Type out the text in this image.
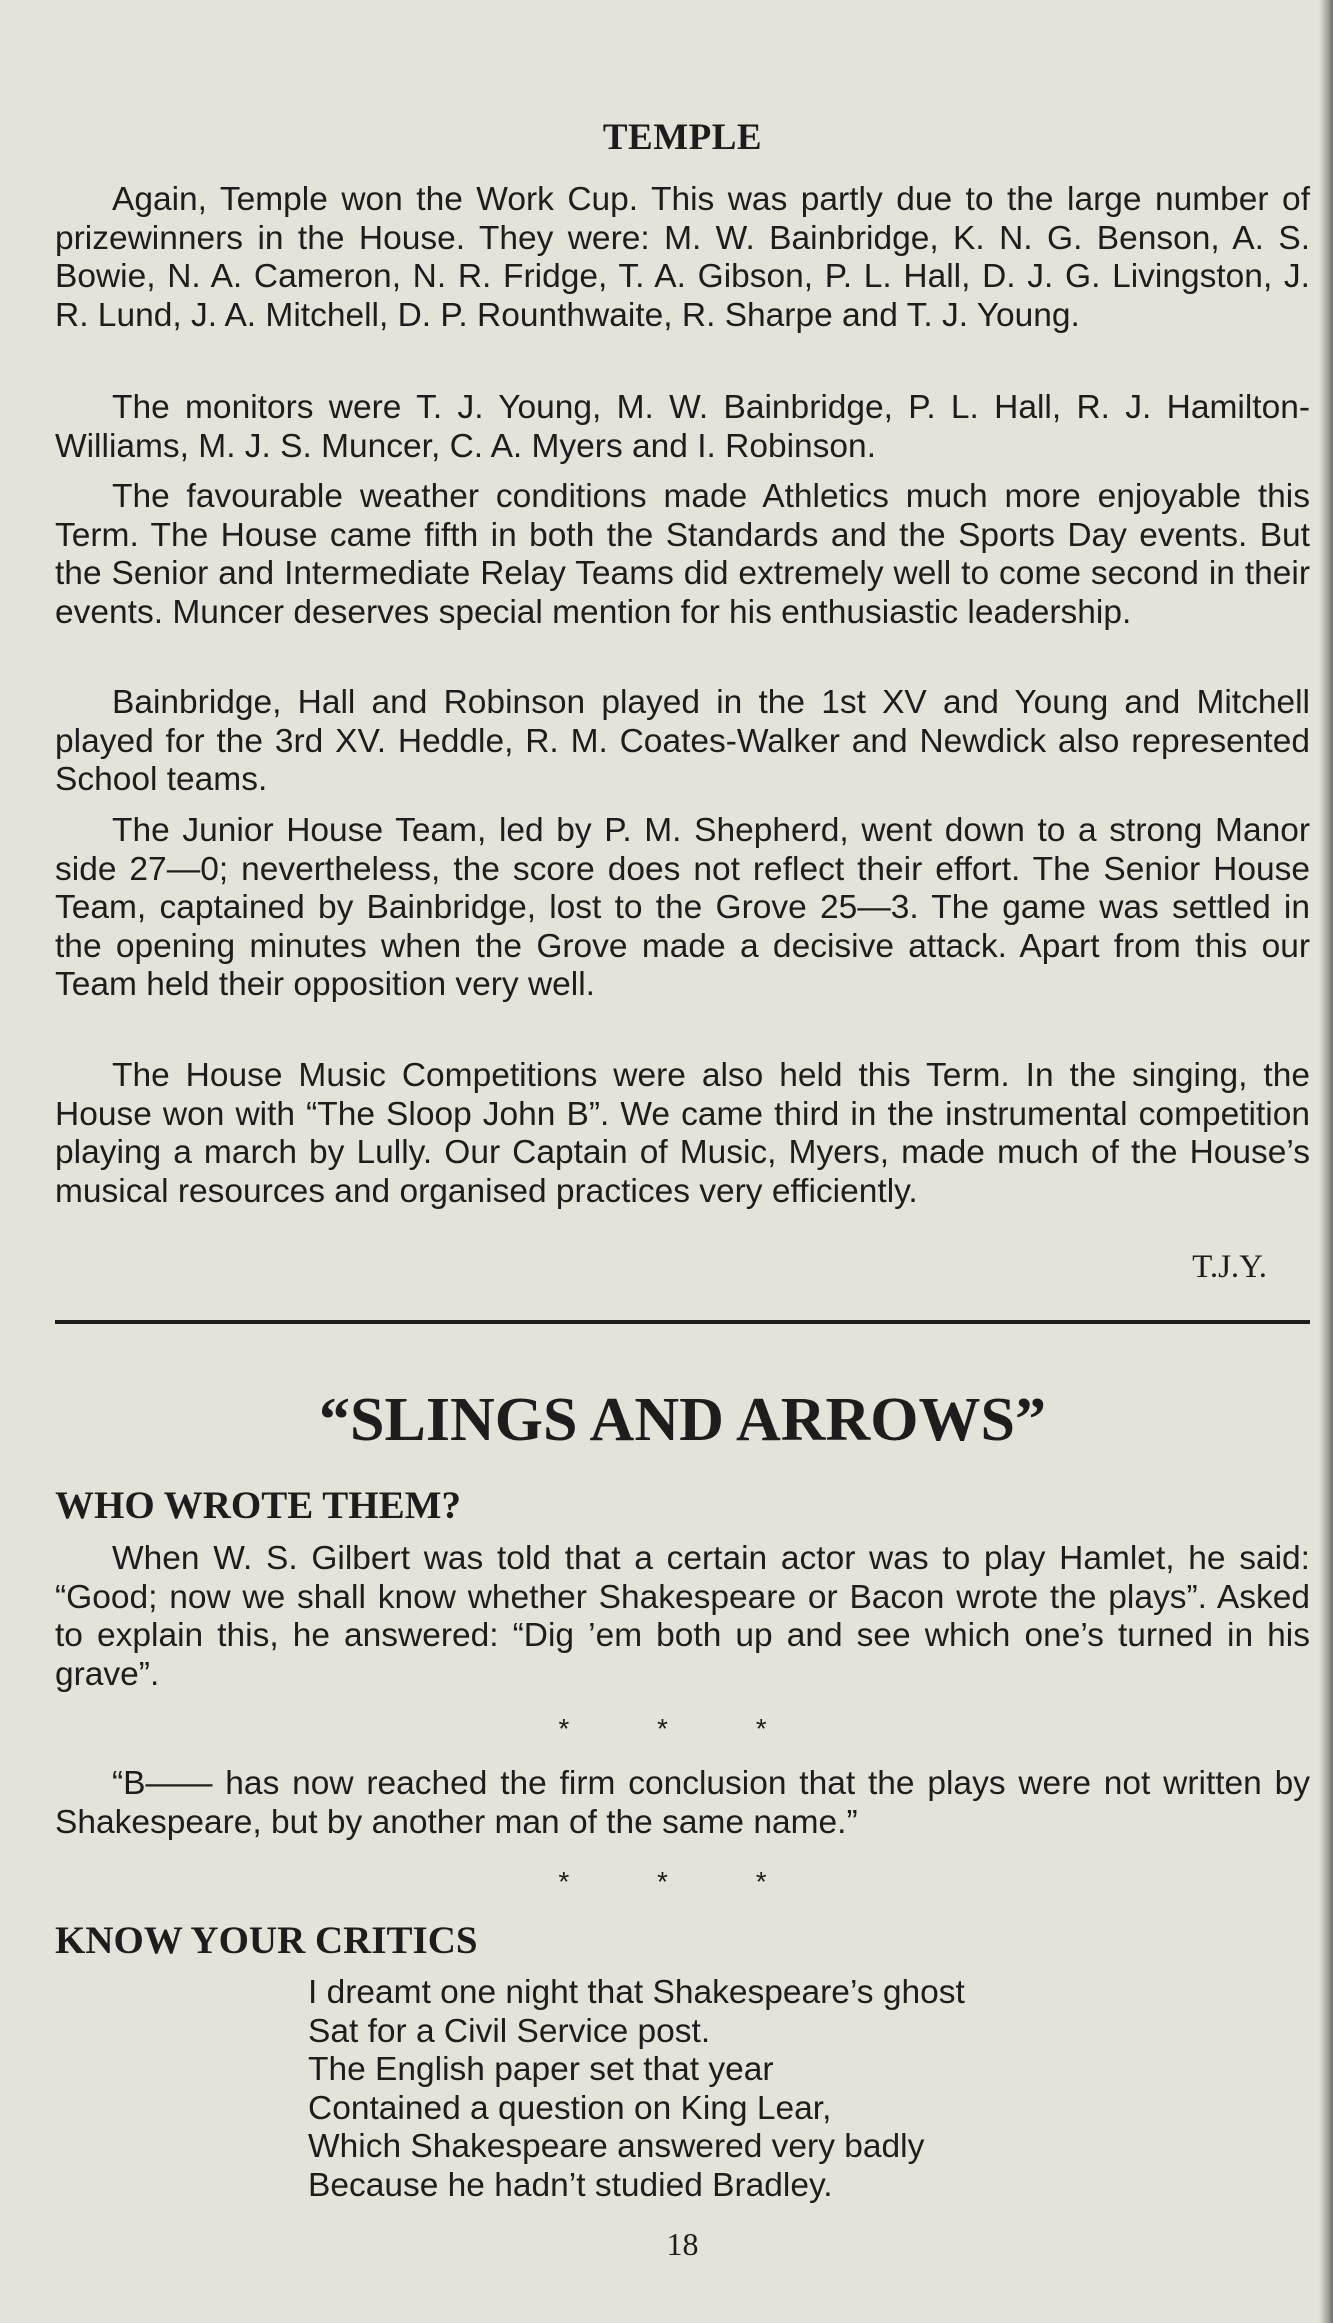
TEMPLE

Again, Temple won the Work Cup. This was partly due to the large number of prizewinners in the House. They were: M. W. Bainbridge, K. N. G. Benson, A. S. Bowie, N. A. Cameron, N. R. Fridge, T. A. Gibson, P. L. Hall, D. J. G. Livingston, J. R. Lund, J. A. Mitchell, D. P. Rounthwaite, R. Sharpe and T. J. Young.

The monitors were T. J. Young, M. W. Bainbridge, P. L. Hall, R. J. Hamilton-Williams, M. J. S. Muncer, C. A. Myers and I. Robinson.

The favourable weather conditions made Athletics much more enjoyable this Term. The House came fifth in both the Standards and the Sports Day events. But the Senior and Intermediate Relay Teams did extremely well to come second in their events. Muncer deserves special mention for his enthusiastic leadership.

Bainbridge, Hall and Robinson played in the 1st XV and Young and Mitchell played for the 3rd XV. Heddle, R. M. Coates-Walker and Newdick also represented School teams.

The Junior House Team, led by P. M. Shepherd, went down to a strong Manor side 27—0; nevertheless, the score does not reflect their effort. The Senior House Team, captained by Bainbridge, lost to the Grove 25—3. The game was settled in the opening minutes when the Grove made a decisive attack. Apart from this our Team held their opposition very well.

The House Music Competitions were also held this Term. In the singing, the House won with “The Sloop John B”. We came third in the instrumental competition playing a march by Lully. Our Captain of Music, Myers, made much of the House’s musical resources and organised practices very efficiently.

T.J.Y.
“SLINGS AND ARROWS”
WHO WROTE THEM?

When W. S. Gilbert was told that a certain actor was to play Hamlet, he said: “Good; now we shall know whether Shakespeare or Bacon wrote the plays”. Asked to explain this, he answered: “Dig ’em both up and see which one’s turned in his grave”.

* * *

“B—— has now reached the firm conclusion that the plays were not written by Shakespeare, but by another man of the same name.”

* * *
KNOW YOUR CRITICS
I dreamt one night that Shakespeare’s ghost
Sat for a Civil Service post.
The English paper set that year
Contained a question on King Lear,
Which Shakespeare answered very badly
Because he hadn’t studied Bradley.
18
